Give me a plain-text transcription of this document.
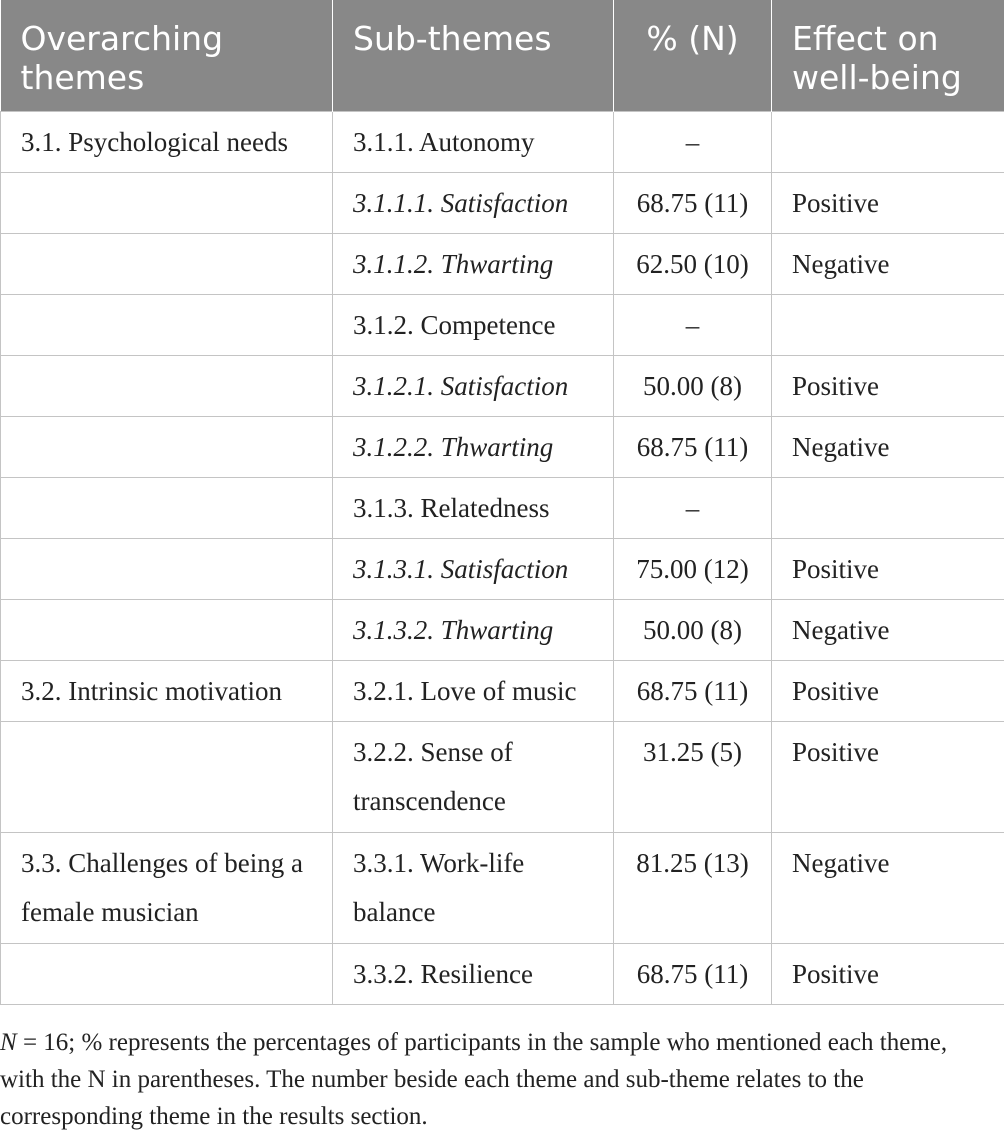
Overarching themes	Sub-themes	% (N)	Effect on well-being
3.1. Psychological needs	3.1.1. Autonomy	–	
	3.1.1.1. Satisfaction	68.75 (11)	Positive
	3.1.1.2. Thwarting	62.50 (10)	Negative
	3.1.2. Competence	–	
	3.1.2.1. Satisfaction	50.00 (8)	Positive
	3.1.2.2. Thwarting	68.75 (11)	Negative
	3.1.3. Relatedness	–	
	3.1.3.1. Satisfaction	75.00 (12)	Positive
	3.1.3.2. Thwarting	50.00 (8)	Negative
3.2. Intrinsic motivation	3.2.1. Love of music	68.75 (11)	Positive
	3.2.2. Sense of transcendence	31.25 (5)	Positive
3.3. Challenges of being a female musician	3.3.1. Work-life balance	81.25 (13)	Negative
	3.3.2. Resilience	68.75 (11)	Positive
N = 16; % represents the percentages of participants in the sample who mentioned each theme, with the N in parentheses. The number beside each theme and sub-theme relates to the corresponding theme in the results section.
